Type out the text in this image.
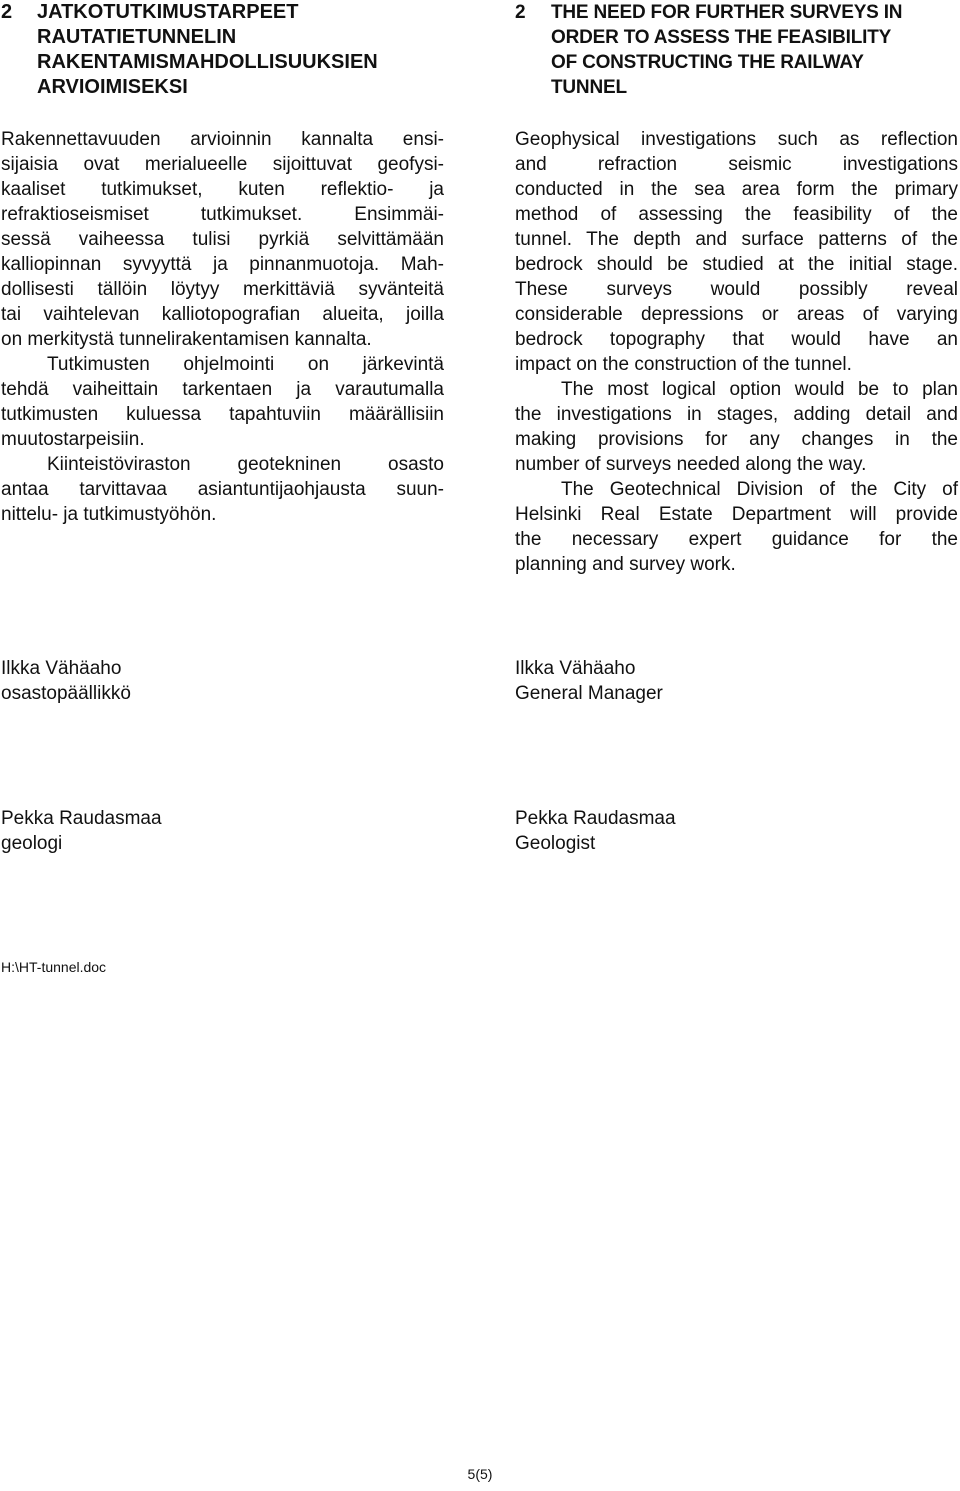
2	JATKOTUTKIMUSTARPEET
RAUTATIETUNNELIN
RAKENTAMISMAHDOLLISUUKSIEN
ARVIOIMISEKSI
Rakennettavuuden arvioinnin kannalta ensi-
sijaisia ovat merialueelle sijoittuvat geofysi-
kaaliset tutkimukset, kuten reflektio- ja
refraktioseismiset tutkimukset. Ensimmäi-
sessä vaiheessa tulisi pyrkiä selvittämään
kalliopinnan syvyyttä ja pinnanmuotoja. Mah-
dollisesti tällöin löytyy merkittäviä syvänteitä
tai vaihtelevan kalliotopografian alueita, joilla
on merkitystä tunnelirakentamisen kannalta.
Tutkimusten ohjelmointi on järkevintä
tehdä vaiheittain tarkentaen ja varautumalla
tutkimusten kuluessa tapahtuviin määrällisiin
muutostarpeisiin.
Kiinteistöviraston geotekninen osasto
antaa tarvittavaa asiantuntijaohjausta suun-
nittelu- ja tutkimustyöhön.
2	THE NEED FOR FURTHER SURVEYS IN
ORDER TO ASSESS THE FEASIBILITY
OF CONSTRUCTING THE RAILWAY
TUNNEL
Geophysical investigations such as reflection
and refraction seismic investigations
conducted in the sea area form the primary
method of assessing the feasibility of the
tunnel. The depth and surface patterns of the
bedrock should be studied at the initial stage.
These surveys would possibly reveal
considerable depressions or areas of varying
bedrock topography that would have an
impact on the construction of the tunnel.
The most logical option would be to plan
the investigations in stages, adding detail and
making provisions for any changes in the
number of surveys needed along the way.
The Geotechnical Division of the City of
Helsinki Real Estate Department will provide
the necessary expert guidance for the
planning and survey work.
Ilkka Vähäaho
osastopäällikkö
Ilkka Vähäaho
General Manager
Pekka Raudasmaa
geologi
Pekka Raudasmaa
Geologist
H:\HT-tunnel.doc
5(5)
